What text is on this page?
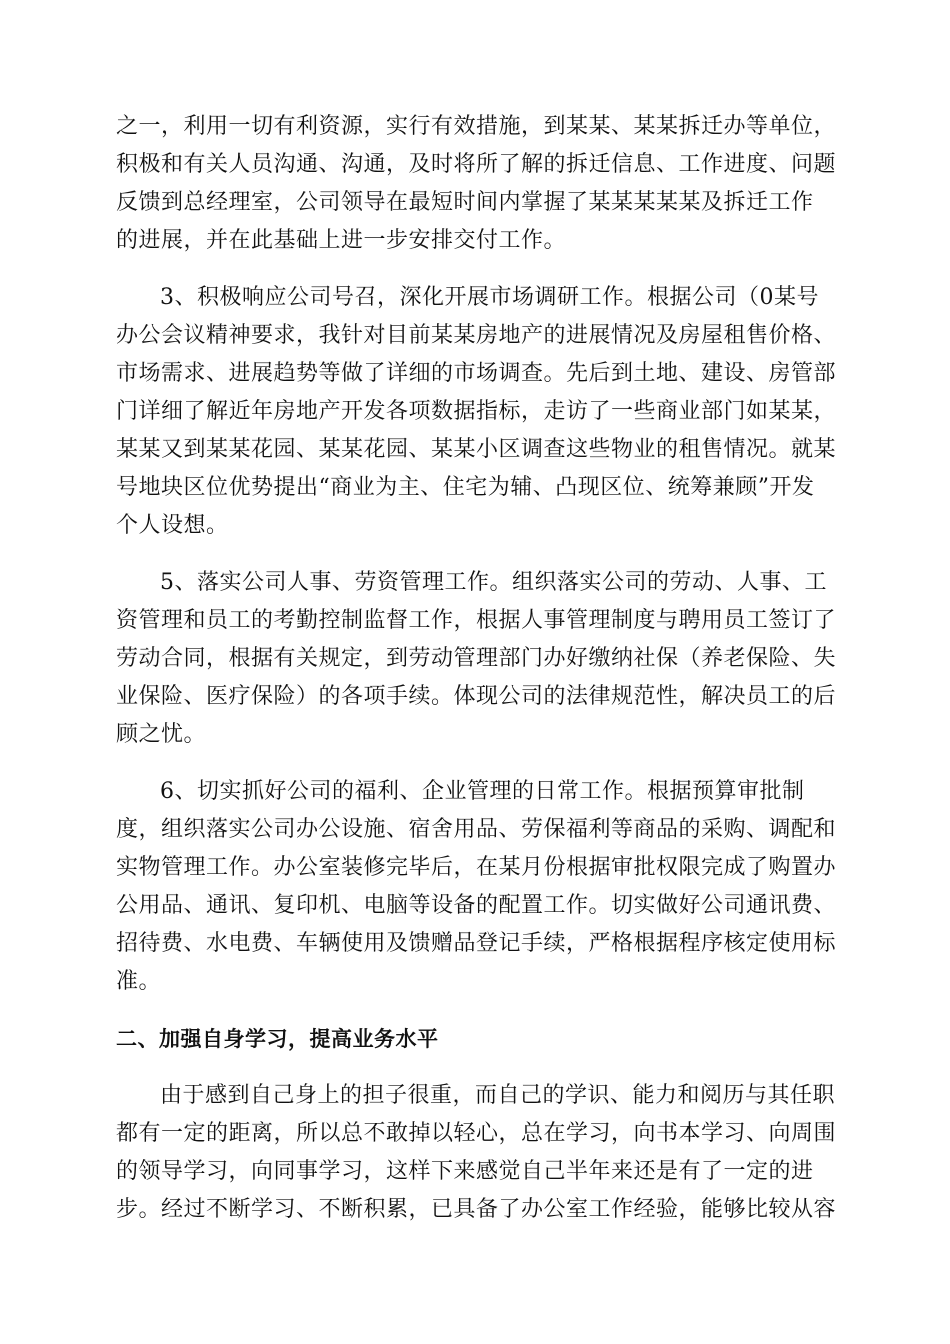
之一，利用一切有利资源，实行有效措施，到某某、某某拆迁办等单位，
积极和有关人员沟通、沟通，及时将所了解的拆迁信息、工作进度、问题
反馈到总经理室，公司领导在最短时间内掌握了某某某某某及拆迁工作
的进展，并在此基础上进一步安排交付工作。
3、积极响应公司号召，深化开展市场调研工作。根据公司（0某号
办公会议精神要求，我针对目前某某房地产的进展情况及房屋租售价格、
市场需求、进展趋势等做了详细的市场调查。先后到土地、建设、房管部
门详细了解近年房地产开发各项数据指标，走访了一些商业部门如某某，
某某又到某某花园、某某花园、某某小区调查这些物业的租售情况。就某
号地块区位优势提出“商业为主、住宅为辅、凸现区位、统筹兼顾”开发
个人设想。
5、落实公司人事、劳资管理工作。组织落实公司的劳动、人事、工
资管理和员工的考勤控制监督工作，根据人事管理制度与聘用员工签订了
劳动合同，根据有关规定，到劳动管理部门办好缴纳社保（养老保险、失
业保险、医疗保险）的各项手续。体现公司的法律规范性，解决员工的后
顾之忧。
6、切实抓好公司的福利、企业管理的日常工作。根据预算审批制
度，组织落实公司办公设施、宿舍用品、劳保福利等商品的采购、调配和
实物管理工作。办公室装修完毕后，在某月份根据审批权限完成了购置办
公用品、通讯、复印机、电脑等设备的配置工作。切实做好公司通讯费、
招待费、水电费、车辆使用及馈赠品登记手续，严格根据程序核定使用标
准。
二、加强自身学习，提高业务水平
由于感到自己身上的担子很重，而自己的学识、能力和阅历与其任职
都有一定的距离，所以总不敢掉以轻心，总在学习，向书本学习、向周围
的领导学习，向同事学习，这样下来感觉自己半年来还是有了一定的进
步。经过不断学习、不断积累，已具备了办公室工作经验，能够比较从容
